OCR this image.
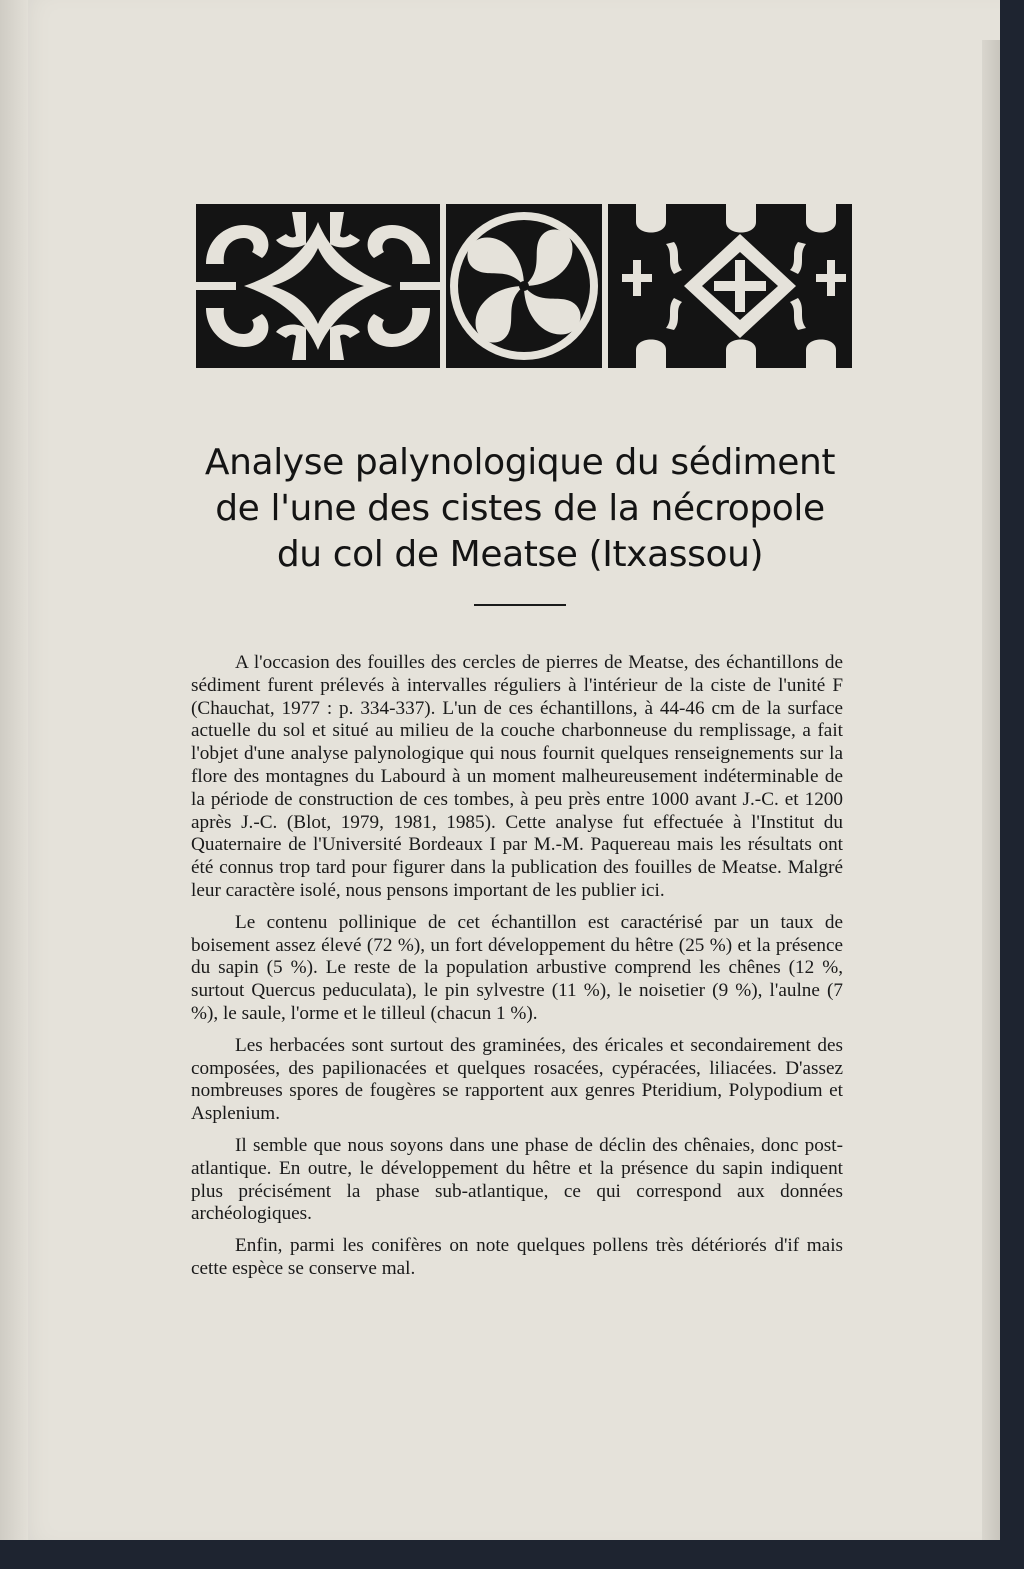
Analyse palynologique du sédiment
de l'une des cistes de la nécropole
du col de Meatse (Itxassou)

A l'occasion des fouilles des cercles de pierres de Meatse, des échantillons de sédiment furent prélevés à intervalles réguliers à l'intérieur de la ciste de l'unité F (Chauchat, 1977 : p. 334-337). L'un de ces échantillons, à 44-46 cm de la surface actuelle du sol et situé au milieu de la couche charbonneuse du remplissage, a fait l'objet d'une analyse palynologique qui nous fournit quelques renseignements sur la flore des montagnes du Labourd à un moment malheureusement indéterminable de la période de construction de ces tombes, à peu près entre 1000 avant J.-C. et 1200 après J.-C. (Blot, 1979, 1981, 1985). Cette analyse fut effectuée à l'Institut du Quaternaire de l'Université Bordeaux I par M.-M. Paquereau mais les résultats ont été connus trop tard pour figurer dans la publication des fouilles de Meatse. Malgré leur caractère isolé, nous pensons important de les publier ici.

Le contenu pollinique de cet échantillon est caractérisé par un taux de boisement assez élevé (72 %), un fort développement du hêtre (25 %) et la présence du sapin (5 %). Le reste de la population arbustive comprend les chênes (12 %, surtout Quercus peduculata), le pin sylvestre (11 %), le noisetier (9 %), l'aulne (7 %), le saule, l'orme et le tilleul (chacun 1 %).

Les herbacées sont surtout des graminées, des éricales et secondairement des composées, des papilionacées et quelques rosacées, cypéracées, liliacées. D'assez nombreuses spores de fougères se rapportent aux genres Pteridium, Polypodium et Asplenium.

Il semble que nous soyons dans une phase de déclin des chênaies, donc post-atlantique. En outre, le développement du hêtre et la présence du sapin indiquent plus précisément la phase sub-atlantique, ce qui correspond aux données archéologiques.

Enfin, parmi les conifères on note quelques pollens très détériorés d'if mais cette espèce se conserve mal.
